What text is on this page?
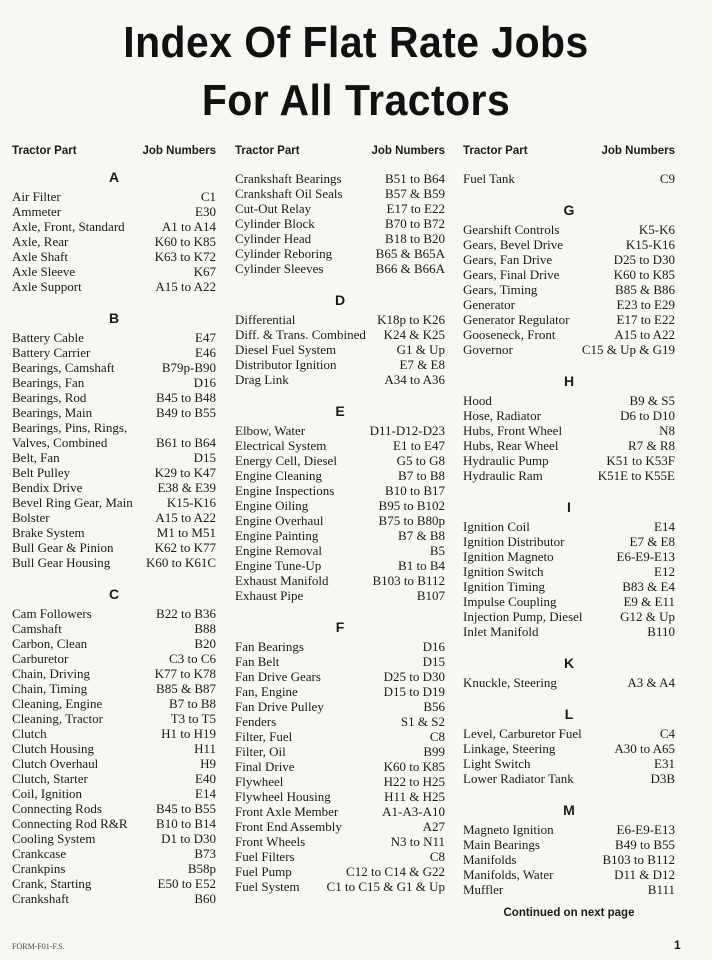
Index Of Flat Rate Jobs
For All Tractors
Tractor Part	Job Numbers
A
Air Filter	C1
Ammeter	E30
Axle, Front, Standard	A1 to A14
Axle, Rear	K60 to K85
Axle Shaft	K63 to K72
Axle Sleeve	K67
Axle Support	A15 to A22
B
Battery Cable	E47
Battery Carrier	E46
Bearings, Camshaft	B79p-B90
Bearings, Fan	D16
Bearings, Rod	B45 to B48
Bearings, Main	B49 to B55
Bearings, Pins, Rings,
Valves, Combined	B61 to B64
Belt, Fan	D15
Belt Pulley	K29 to K47
Bendix Drive	E38 & E39
Bevel Ring Gear, Main	K15-K16
Bolster	A15 to A22
Brake System	M1 to M51
Bull Gear & Pinion	K62 to K77
Bull Gear Housing	K60 to K61C
C
Cam Followers	B22 to B36
Camshaft	B88
Carbon, Clean	B20
Carburetor	C3 to C6
Chain, Driving	K77 to K78
Chain, Timing	B85 & B87
Cleaning, Engine	B7 to B8
Cleaning, Tractor	T3 to T5
Clutch	H1 to H19
Clutch Housing	H11
Clutch Overhaul	H9
Clutch, Starter	E40
Coil, Ignition	E14
Connecting Rods	B45 to B55
Connecting Rod R&R B10 to B14
Cooling System	D1 to D30
Crankcase	B73
Crankpins	B58p
Crank, Starting	E50 to E52
Crankshaft	B60
Tractor Part	Job Numbers
Crankshaft Bearings	B51 to B64
Crankshaft Oil Seals	B57 & B59
Cut-Out Relay	E17 to E22
Cylinder Block	B70 to B72
Cylinder Head	B18 to B20
Cylinder Reboring	B65 & B65A
Cylinder Sleeves	B66 & B66A
D
Differential	K18p to K26
Diff. & Trans. Combined K24 & K25
Diesel Fuel System	G1 & Up
Distributor Ignition	E7 & E8
Drag Link	A34 to A36
E
Elbow, Water	D11-D12-D23
Electrical System	E1 to E47
Energy Cell, Diesel	G5 to G8
Engine Cleaning	B7 to B8
Engine Inspections	B10 to B17
Engine Oiling	B95 to B102
Engine Overhaul	B75 to B80p
Engine Painting	B7 & B8
Engine Removal	B5
Engine Tune-Up	B1 to B4
Exhaust Manifold	B103 to B112
Exhaust Pipe	B107
F
Fan Bearings	D16
Fan Belt	D15
Fan Drive Gears	D25 to D30
Fan, Engine	D15 to D19
Fan Drive Pulley	B56
Fenders	S1 & S2
Filter, Fuel	C8
Filter, Oil	B99
Final Drive	K60 to K85
Flywheel	H22 to H25
Flywheel Housing	H11 & H25
Front Axle Member	A1-A3-A10
Front End Assembly	A27
Front Wheels	N3 to N11
Fuel Filters	C8
Fuel Pump	C12 to C14 & G22
Fuel System C1 to C15 & G1 & Up
Tractor Part	Job Numbers
Fuel Tank	C9
G
Gearshift Controls	K5-K6
Gears, Bevel Drive	K15-K16
Gears, Fan Drive	D25 to D30
Gears, Final Drive	K60 to K85
Gears, Timing	B85 & B86
Generator	E23 to E29
Generator Regulator	E17 to E22
Gooseneck, Front	A15 to A22
Governor	C15 & Up & G19
H
Hood	B9 & S5
Hose, Radiator	D6 to D10
Hubs, Front Wheel	N8
Hubs, Rear Wheel	R7 & R8
Hydraulic Pump	K51 to K53F
Hydraulic Ram	K51E to K55E
I
Ignition Coil	E14
Ignition Distributor	E7 & E8
Ignition Magneto	E6-E9-E13
Ignition Switch	E12
Ignition Timing	B83 & E4
Impulse Coupling	E9 & E11
Injection Pump, Diesel	G12 & Up
Inlet Manifold	B110
K
Knuckle, Steering	A3 & A4
L
Level, Carburetor Fuel	C4
Linkage, Steering	A30 to A65
Light Switch	E31
Lower Radiator Tank	D3B
M
Magneto Ignition	E6-E9-E13
Main Bearings	B49 to B55
Manifolds	B103 to B112
Manifolds, Water	D11 & D12
Muffler	B111
Continued on next page
FORM-F01-F.S.	1
